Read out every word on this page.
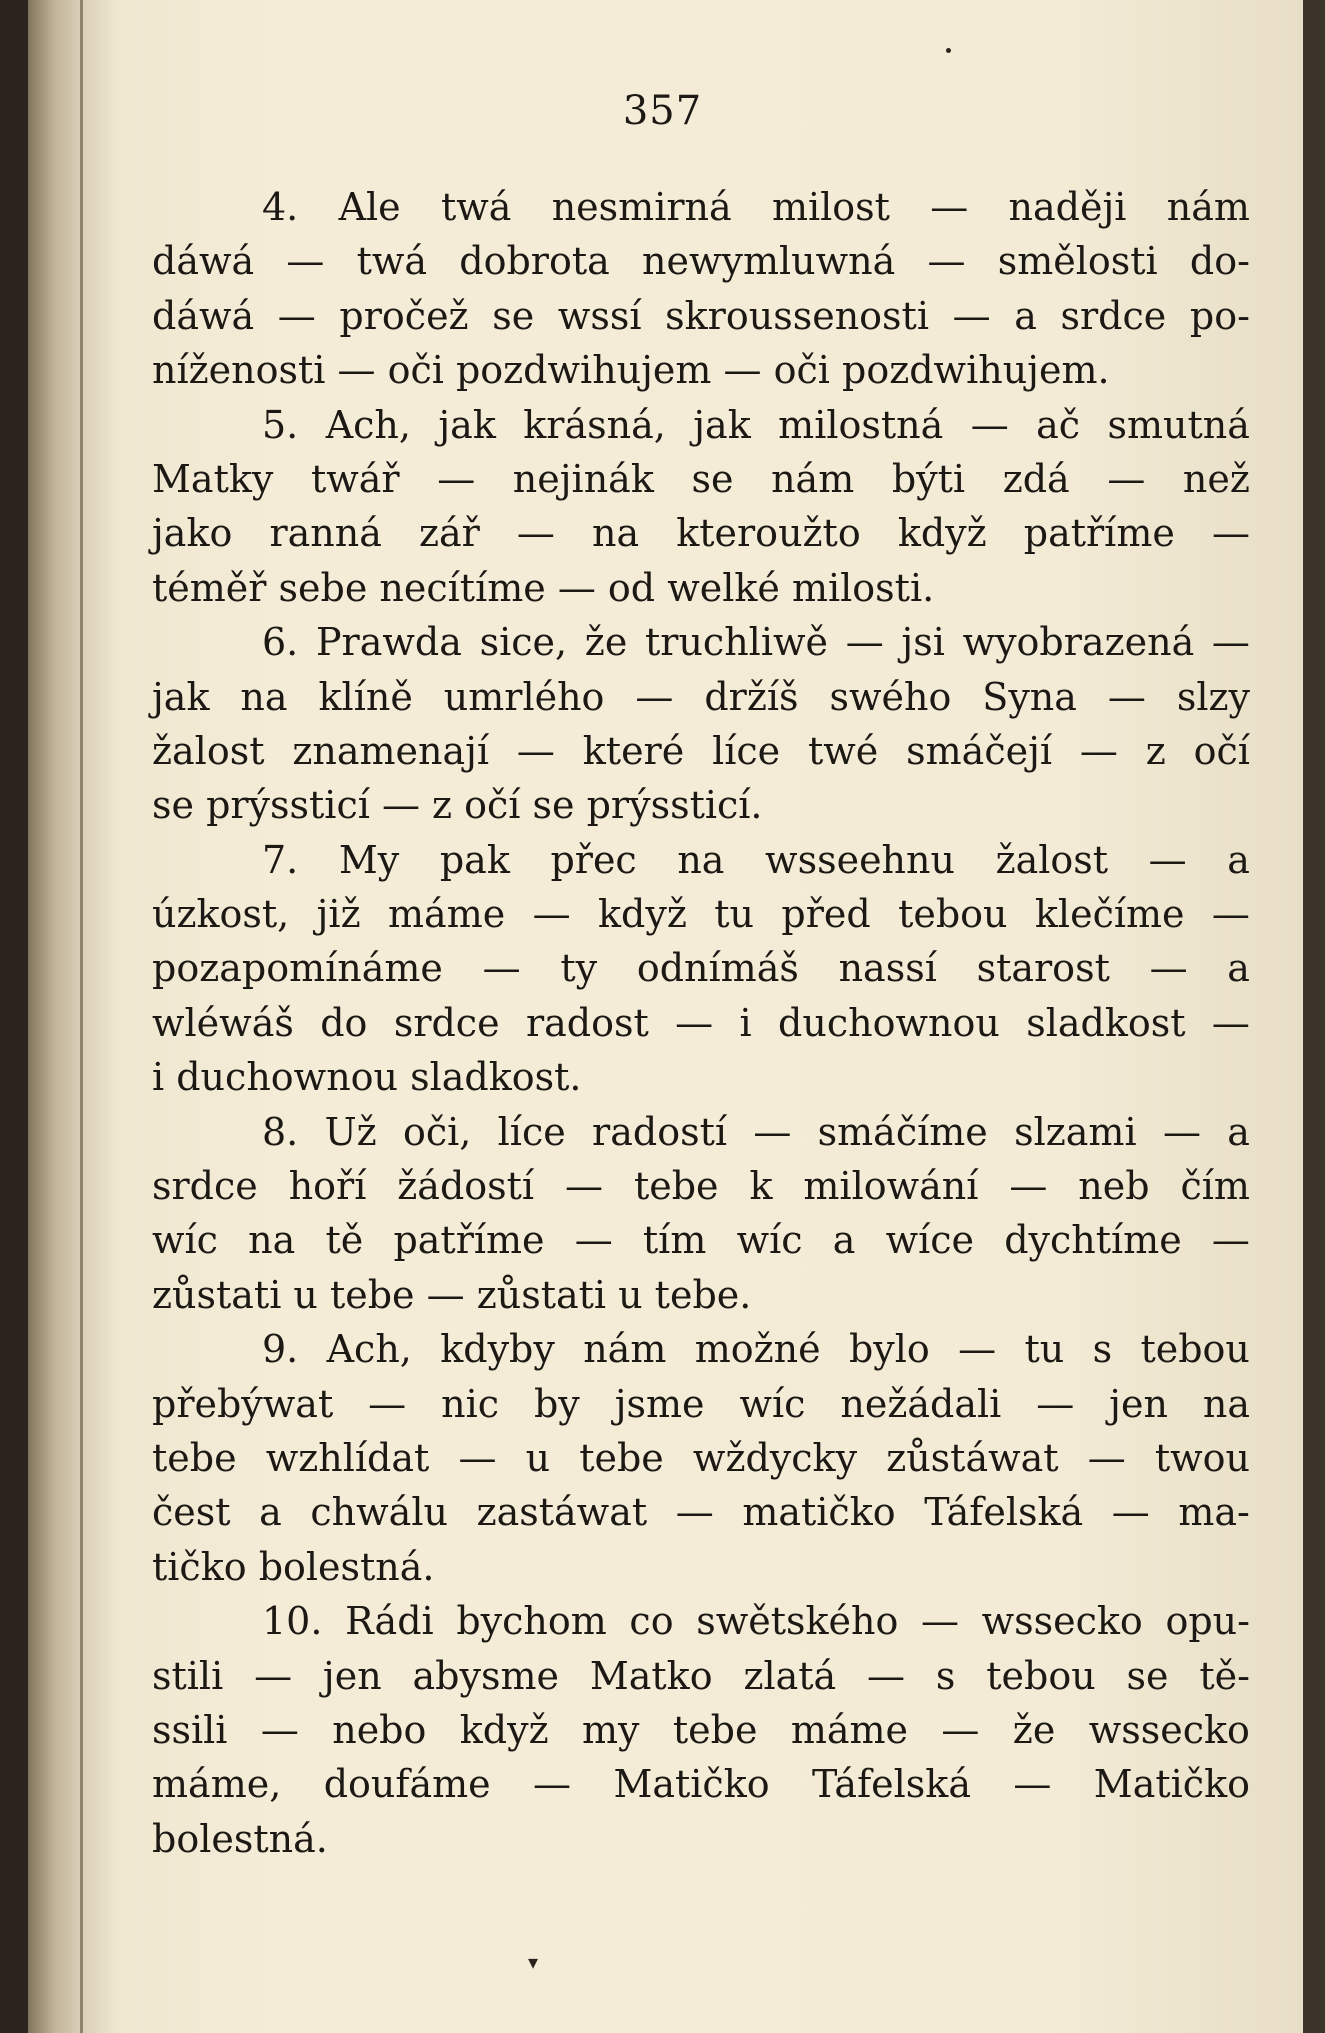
357
4. Ale twá nesmirná milost — naději nám
dáwá — twá dobrota newymluwná — smělosti do-
dáwá — pročež se wssí skroussenosti — a srdce po-
níženosti — oči pozdwihujem — oči pozdwihujem.
5. Ach, jak krásná, jak milostná — ač smutná
Matky twář — nejinák se nám býti zdá — než
jako ranná zář — na kteroužto když patříme —
téměř sebe necítíme — od welké milosti.
6. Prawda sice, že truchliwě — jsi wyobrazená —
jak na klíně umrlého — držíš swého Syna — slzy
žalost znamenají — které líce twé smáčejí — z očí
se prýssticí — z očí se prýssticí.
7. My pak přec na wsseehnu žalost — a
úzkost, již máme — když tu před tebou klečíme —
pozapomínáme — ty odnímáš nassí starost — a
wléwáš do srdce radost — i duchownou sladkost —
i duchownou sladkost.
8. Už oči, líce radostí — smáčíme slzami — a
srdce hoří žádostí — tebe k milowání — neb čím
wíc na tě patříme — tím wíc a wíce dychtíme —
zůstati u tebe — zůstati u tebe.
9. Ach, kdyby nám možné bylo — tu s tebou
přebýwat — nic by jsme wíc nežádali — jen na
tebe wzhlídat — u tebe wždycky zůstáwat — twou
čest a chwálu zastáwat — matičko Táfelská — ma-
tičko bolestná.
10. Rádi bychom co swětského — wssecko opu-
stili — jen abysme Matko zlatá — s tebou se tě-
ssili — nebo když my tebe máme — že wssecko
máme, doufáme — Matičko Táfelská — Matičko
bolestná.
▾
